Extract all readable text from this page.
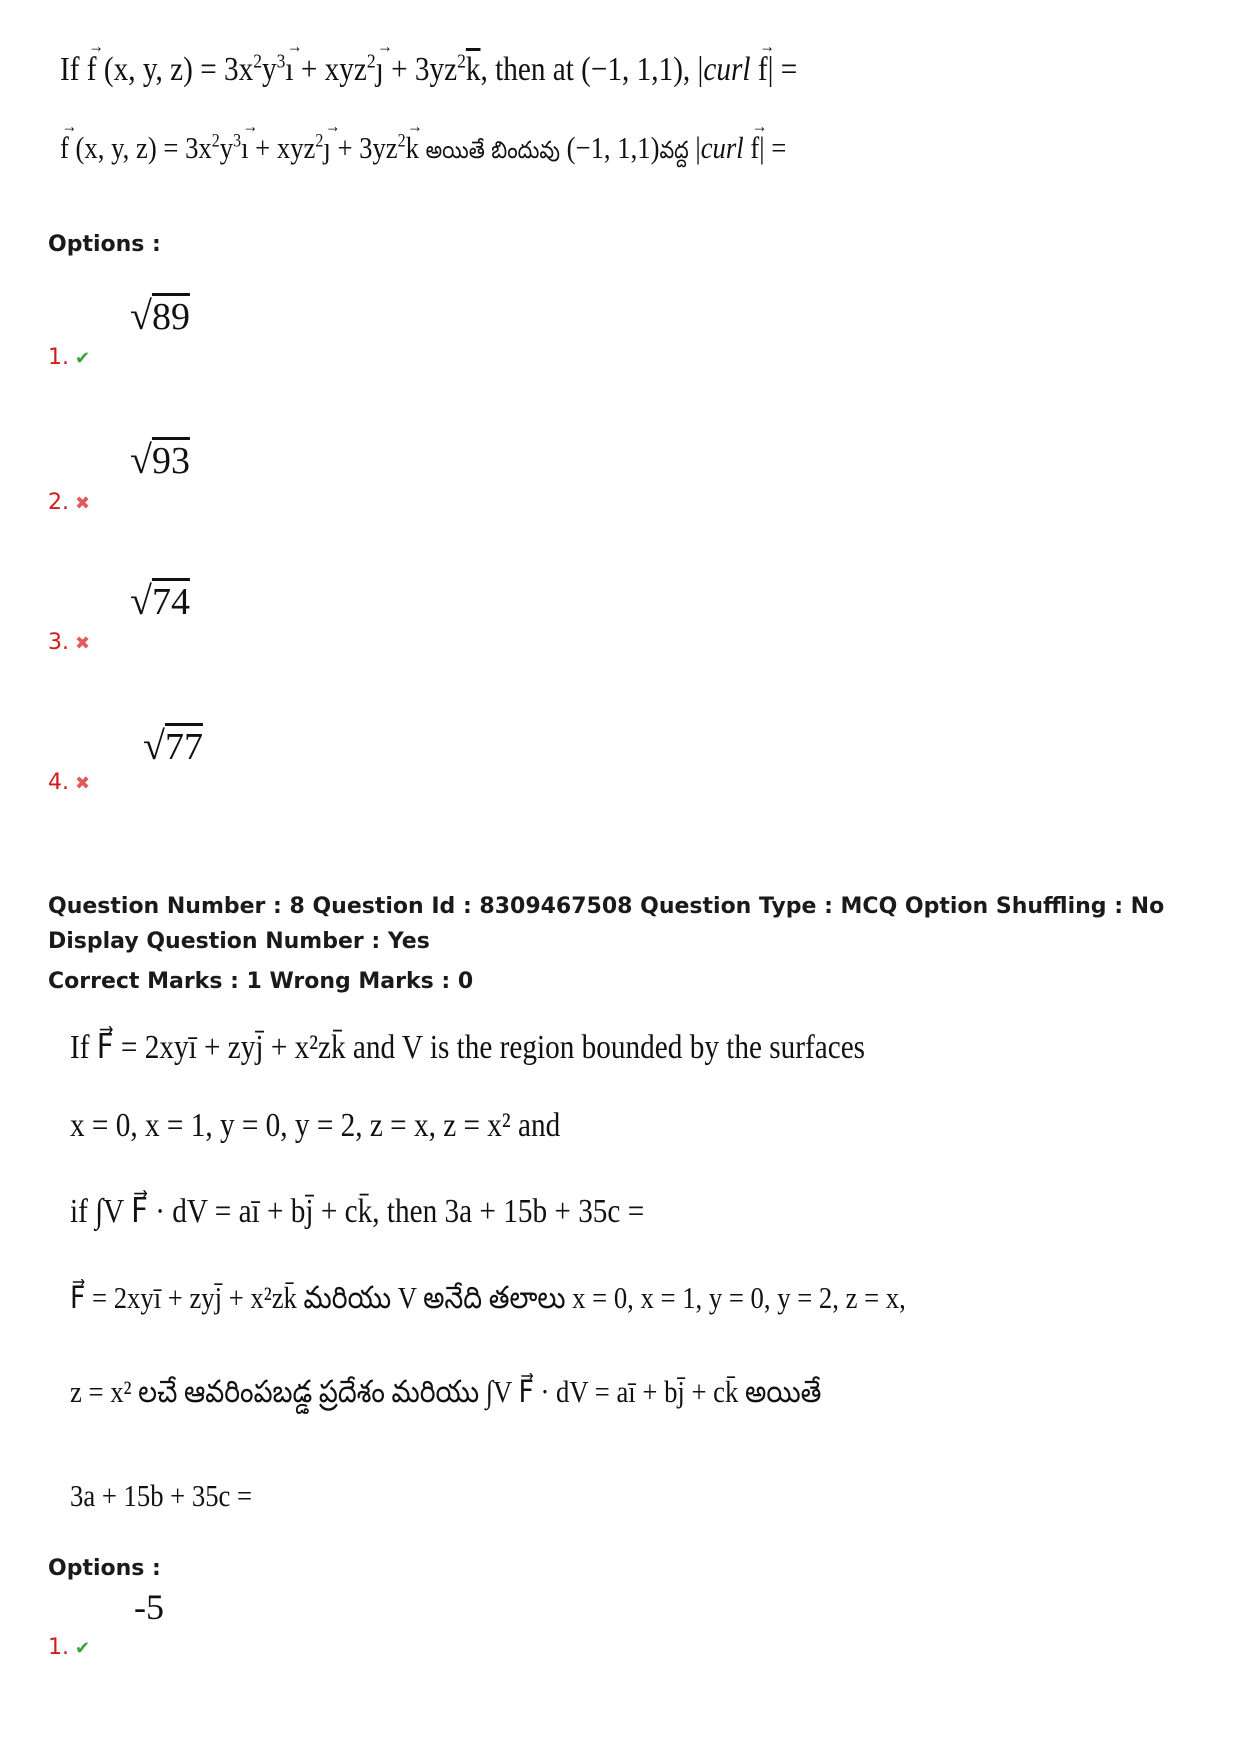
If → f (x, y, $z) = 3x^2y^3\to$ ı + xyz$^2$→ ȷ + $3yz^2\overline{k}$, then at (−1, 1,1), |curl → f| =
→ f (x, y, $z) = 3x^2y^3\to$ ı + xyz$^2$→ ȷ + $3yz^2\to k$ అయితే బిందువు (−1, 1,1)వద్ద |curl → f| =
Options :
1. ✔
√89
2. ✖
√93
3. ✖
√74
4. ✖
√77
Question Number : 8 Question Id : 8309467508 Question Type : MCQ Option Shuffling : No
Display Question Number : Yes
Correct Marks : 1 Wrong Marks : 0
If F⃗ = 2xyī + zyj̄ + x²zk̄ and V is the region bounded by the surfaces
x = 0, x = 1, y = 0, y = 2, z = x, z = x² and
if ∫V F⃗ · dV = aī + bj̄ + ck̄, then 3a + 15b + 35c =
F⃗ = 2xyī + zyj̄ + x²zk̄ మరియు V అనేది తలాలు x = 0, x = 1, y = 0, y = 2, z = x,
z = x² లచే ఆవరింపబడ్డ ప్రదేశం మరియు ∫V F⃗ · dV = aī + bj̄ + ck̄ అయితే
3a + 15b + 35c =
Options :
1. ✔
-5
